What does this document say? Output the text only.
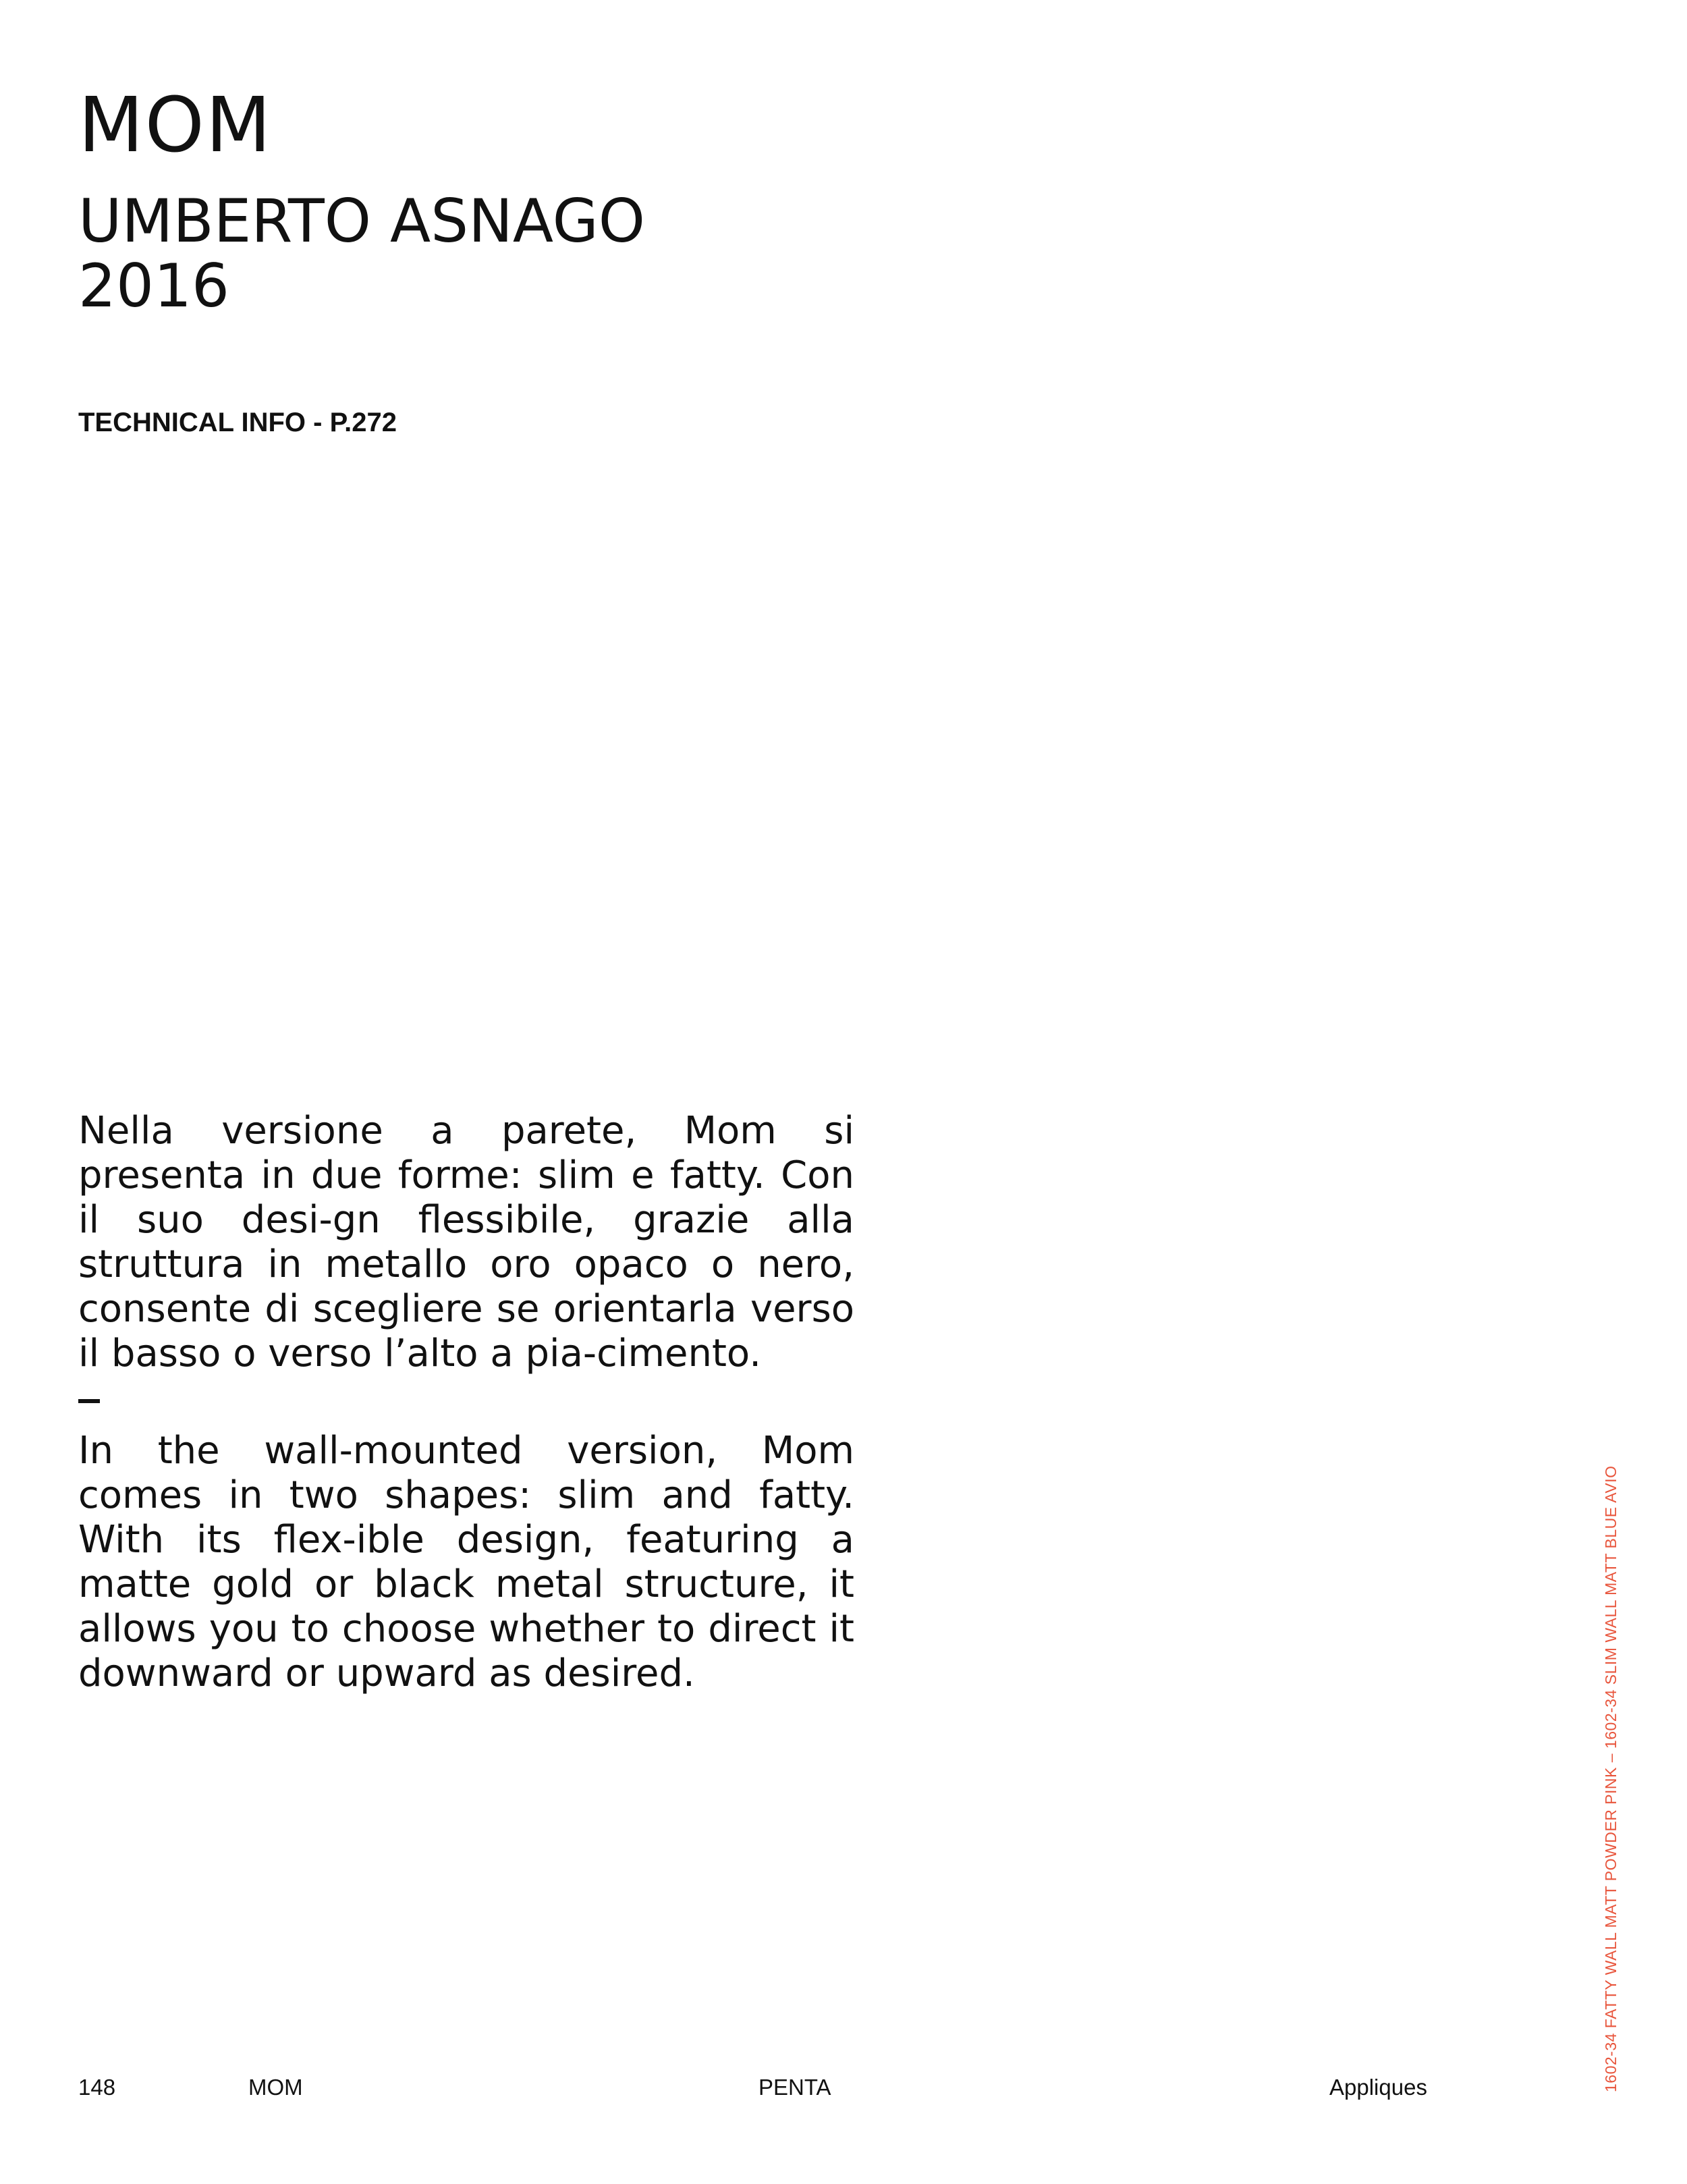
MOM
UMBERTO ASNAGO
2016
TECHNICAL INFO - P.272

Nella versione a parete, Mom si presenta in due forme: slim e fatty. Con il suo desi-gn flessibile, grazie alla struttura in metallo oro opaco o nero, consente di scegliere se orientarla verso il basso o verso l’alto a pia-cimento.

In the wall-mounted version, Mom comes in two shapes: slim and fatty. With its flex-ible design, featuring a matte gold or black metal structure, it allows you to choose whether to direct it downward or upward as desired.

148	MOM	PENTA	Appliques	1602-34 FATTY WALL MATT POWDER PINK – 1602-34 SLIM WALL MATT BLUE AVIO
